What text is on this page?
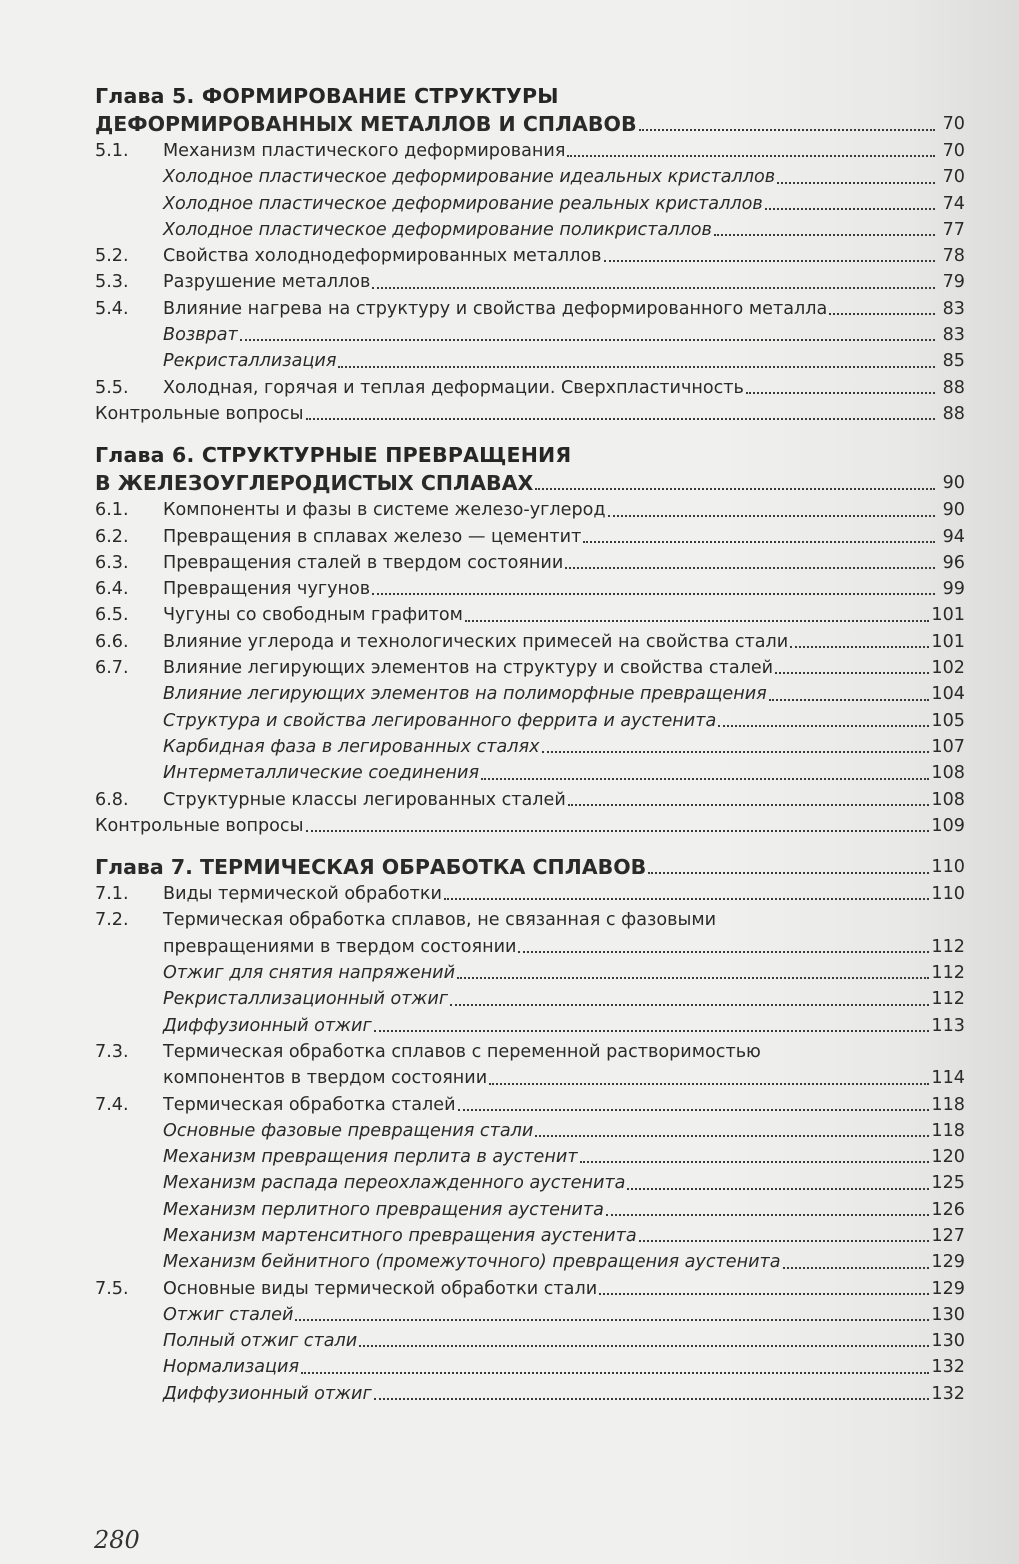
Глава 5. ФОРМИРОВАНИЕ СТРУКТУРЫ
ДЕФОРМИРОВАННЫХ МЕТАЛЛОВ И СПЛАВОВ	70
5.1.	Механизм пластического деформирования	70
Холодное пластическое деформирование идеальных кристаллов	70
Холодное пластическое деформирование реальных кристаллов	74
Холодное пластическое деформирование поликристаллов	77
5.2.	Свойства холоднодеформированных металлов	78
5.3.	Разрушение металлов	79
5.4.	Влияние нагрева на структуру и свойства деформированного металла	83
Возврат	83
Рекристаллизация	85
5.5.	Холодная, горячая и теплая деформации. Сверхпластичность	88
Контрольные вопросы	88
Глава 6. СТРУКТУРНЫЕ ПРЕВРАЩЕНИЯ
В ЖЕЛЕЗОУГЛЕРОДИСТЫХ СПЛАВАХ	90
6.1.	Компоненты и фазы в системе железо-углерод	90
6.2.	Превращения в сплавах железо — цементит	94
6.3.	Превращения сталей в твердом состоянии	96
6.4.	Превращения чугунов	99
6.5.	Чугуны со свободным графитом	101
6.6.	Влияние углерода и технологических примесей на свойства стали	101
6.7.	Влияние легирующих элементов на структуру и свойства сталей	102
Влияние легирующих элементов на полиморфные превращения	104
Структура и свойства легированного феррита и аустенита	105
Карбидная фаза в легированных сталях	107
Интерметаллические соединения	108
6.8.	Структурные классы легированных сталей	108
Контрольные вопросы	109
Глава 7. ТЕРМИЧЕСКАЯ ОБРАБОТКА СПЛАВОВ	110
7.1.	Виды термической обработки	110
7.2. Термическая обработка сплавов, не связанная с фазовыми
превращениями в твердом состоянии	112
Отжиг для снятия напряжений	112
Рекристаллизационный отжиг	112
Диффузионный отжиг	113
7.3. Термическая обработка сплавов с переменной растворимостью
компонентов в твердом состоянии	114
7.4.	Термическая обработка сталей	118
Основные фазовые превращения стали	118
Механизм превращения перлита в аустенит	120
Механизм распада переохлажденного аустенита	125
Механизм перлитного превращения аустенита	126
Механизм мартенситного превращения аустенита	127
Механизм бейнитного (промежуточного) превращения аустенита	129
7.5.	Основные виды термической обработки стали	129
Отжиг сталей	130
Полный отжиг стали	130
Нормализация	132
Диффузионный отжиг	132
280
